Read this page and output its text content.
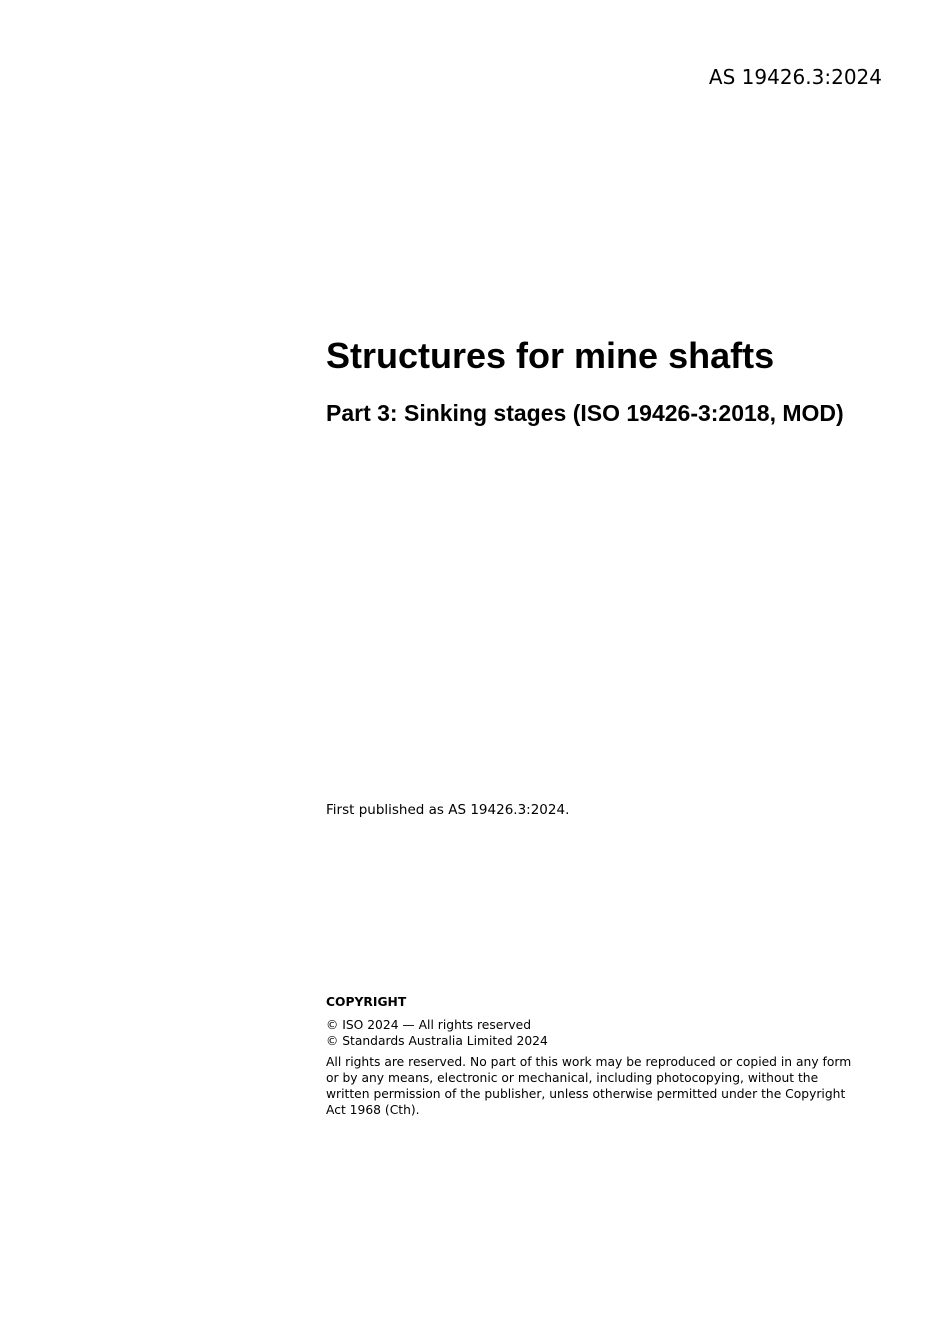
AS 19426.3:2024
Structures for mine shafts
Part 3: Sinking stages (ISO 19426-3:2018, MOD)
First published as AS 19426.3:2024.

COPYRIGHT

© ISO 2024 — All rights reserved

© Standards Australia Limited 2024

All rights are reserved. No part of this work may be reproduced or copied in any form or by any means, electronic or mechanical, including photocopying, without the written permission of the publisher, unless otherwise permitted under the Copyright Act 1968 (Cth).
